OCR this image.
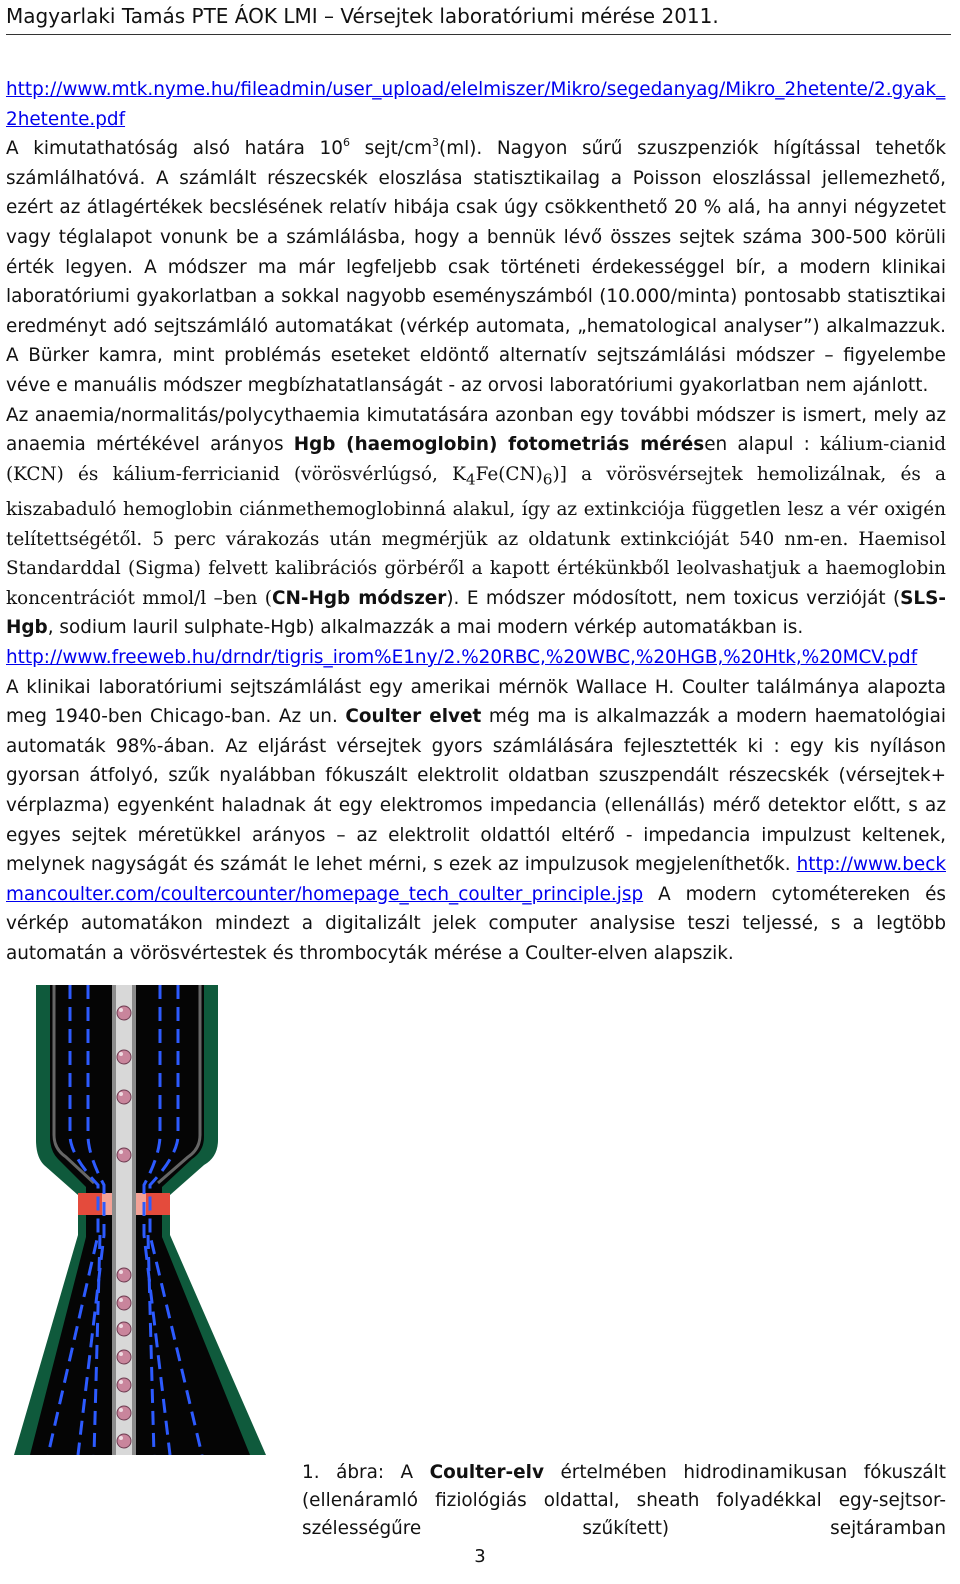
Magyarlaki Tamás PTE ÁOK LMI – Vérsejtek laboratóriumi mérése 2011.

http://www.mtk.nyme.hu/fileadmin/user_upload/elelmiszer/Mikro/segedanyag/Mikro_2hetente/2.gyak_2hetente.pdf
A kimutathatóság alsó határa $10^6$ sejt/$cm^3(ml)$. Nagyon sűrű szuszpenziók hígítással tehetők számlálhatóvá. A számlált részecskék eloszlása statisztikailag a Poisson eloszlással jellemezhető, ezért az átlagértékek becslésének relatív hibája csak úgy csökkenthető 20 % alá, ha annyi négyzetet vagy téglalapot vonunk be a számlálásba, hogy a bennük lévő összes sejtek száma 300-500 körüli érték legyen. A módszer ma már legfeljebb csak történeti érdekességgel bír, a modern klinikai laboratóriumi gyakorlatban a sokkal nagyobb eseményszámból (10.000/minta) pontosabb statisztikai eredményt adó sejtszámláló automatákat (vérkép automata, „hematological analyser”) alkalmazzuk. A Bürker kamra, mint problémás eseteket eldöntő alternatív sejtszámlálási módszer – figyelembe véve e manuális módszer megbízhatatlanságát - az orvosi laboratóriumi gyakorlatban nem ajánlott.

Az anaemia/normalitás/polycythaemia kimutatására azonban egy további módszer is ismert, mely az anaemia mértékével arányos Hgb (haemoglobin) fotometriás mérésen alapul : kálium-cianid (KCN) és kálium-ferricianid (vörösvérlúgsó, $K_4Fe(CN)_6$)] a vörösvérsejtek hemolizálnak, és a kiszabaduló hemoglobin ciánmethemoglobinná alakul, így az extinkciója független lesz a vér oxigén telítettségétől. 5 perc várakozás után megmérjük az oldatunk extinkcióját 540 nm-en. Haemisol Standarddal (Sigma) felvett kalibrációs görbéről a kapott értékünkből leolvashatjuk a haemoglobin koncentrációt mmol/l –ben (CN-Hgb módszer). E módszer módosított, nem toxicus verzióját (SLS-Hgb, sodium lauril sulphate-Hgb) alkalmazzák a mai modern vérkép automatákban is.
http://www.freeweb.hu/drndr/tigris_irom%E1ny/2.%20RBC,%20WBC,%20HGB,%20Htk,%20MCV.pdf

A klinikai laboratóriumi sejtszámlálást egy amerikai mérnök Wallace H. Coulter találmánya alapozta meg 1940-ben Chicago-ban. Az un. Coulter elvet még ma is alkalmazzák a modern haematológiai automaták 98%-ában. Az eljárást vérsejtek gyors számlálására fejlesztették ki : egy kis nyíláson gyorsan átfolyó, szűk nyalábban fókuszált elektrolit oldatban szuszpendált részecskék (vérsejtek+ vérplazma) egyenként haladnak át egy elektromos impedancia (ellenállás) mérő detektor előtt, s az egyes sejtek méretükkel arányos – az elektrolit oldattól eltérő - impedancia impulzust keltenek, melynek nagyságát és számát le lehet mérni, s ezek az impulzusok megjeleníthetők. http://www.beckmancoulter.com/coultercounter/homepage_tech_coulter_principle.jsp A modern cytométereken és vérkép automatákon mindezt a digitalizált jelek computer analysise teszi teljessé, s a legtöbb automatán a vörösvértestek és thrombocyták mérése a Coulter-elven alapszik.

1. ábra: A Coulter-elv értelmében hidrodinamikusan fókuszált (ellenáramló fiziológiás oldattal, sheath folyadékkal egy-sejtsor-szélességűre szűkített) sejtáramban
3
